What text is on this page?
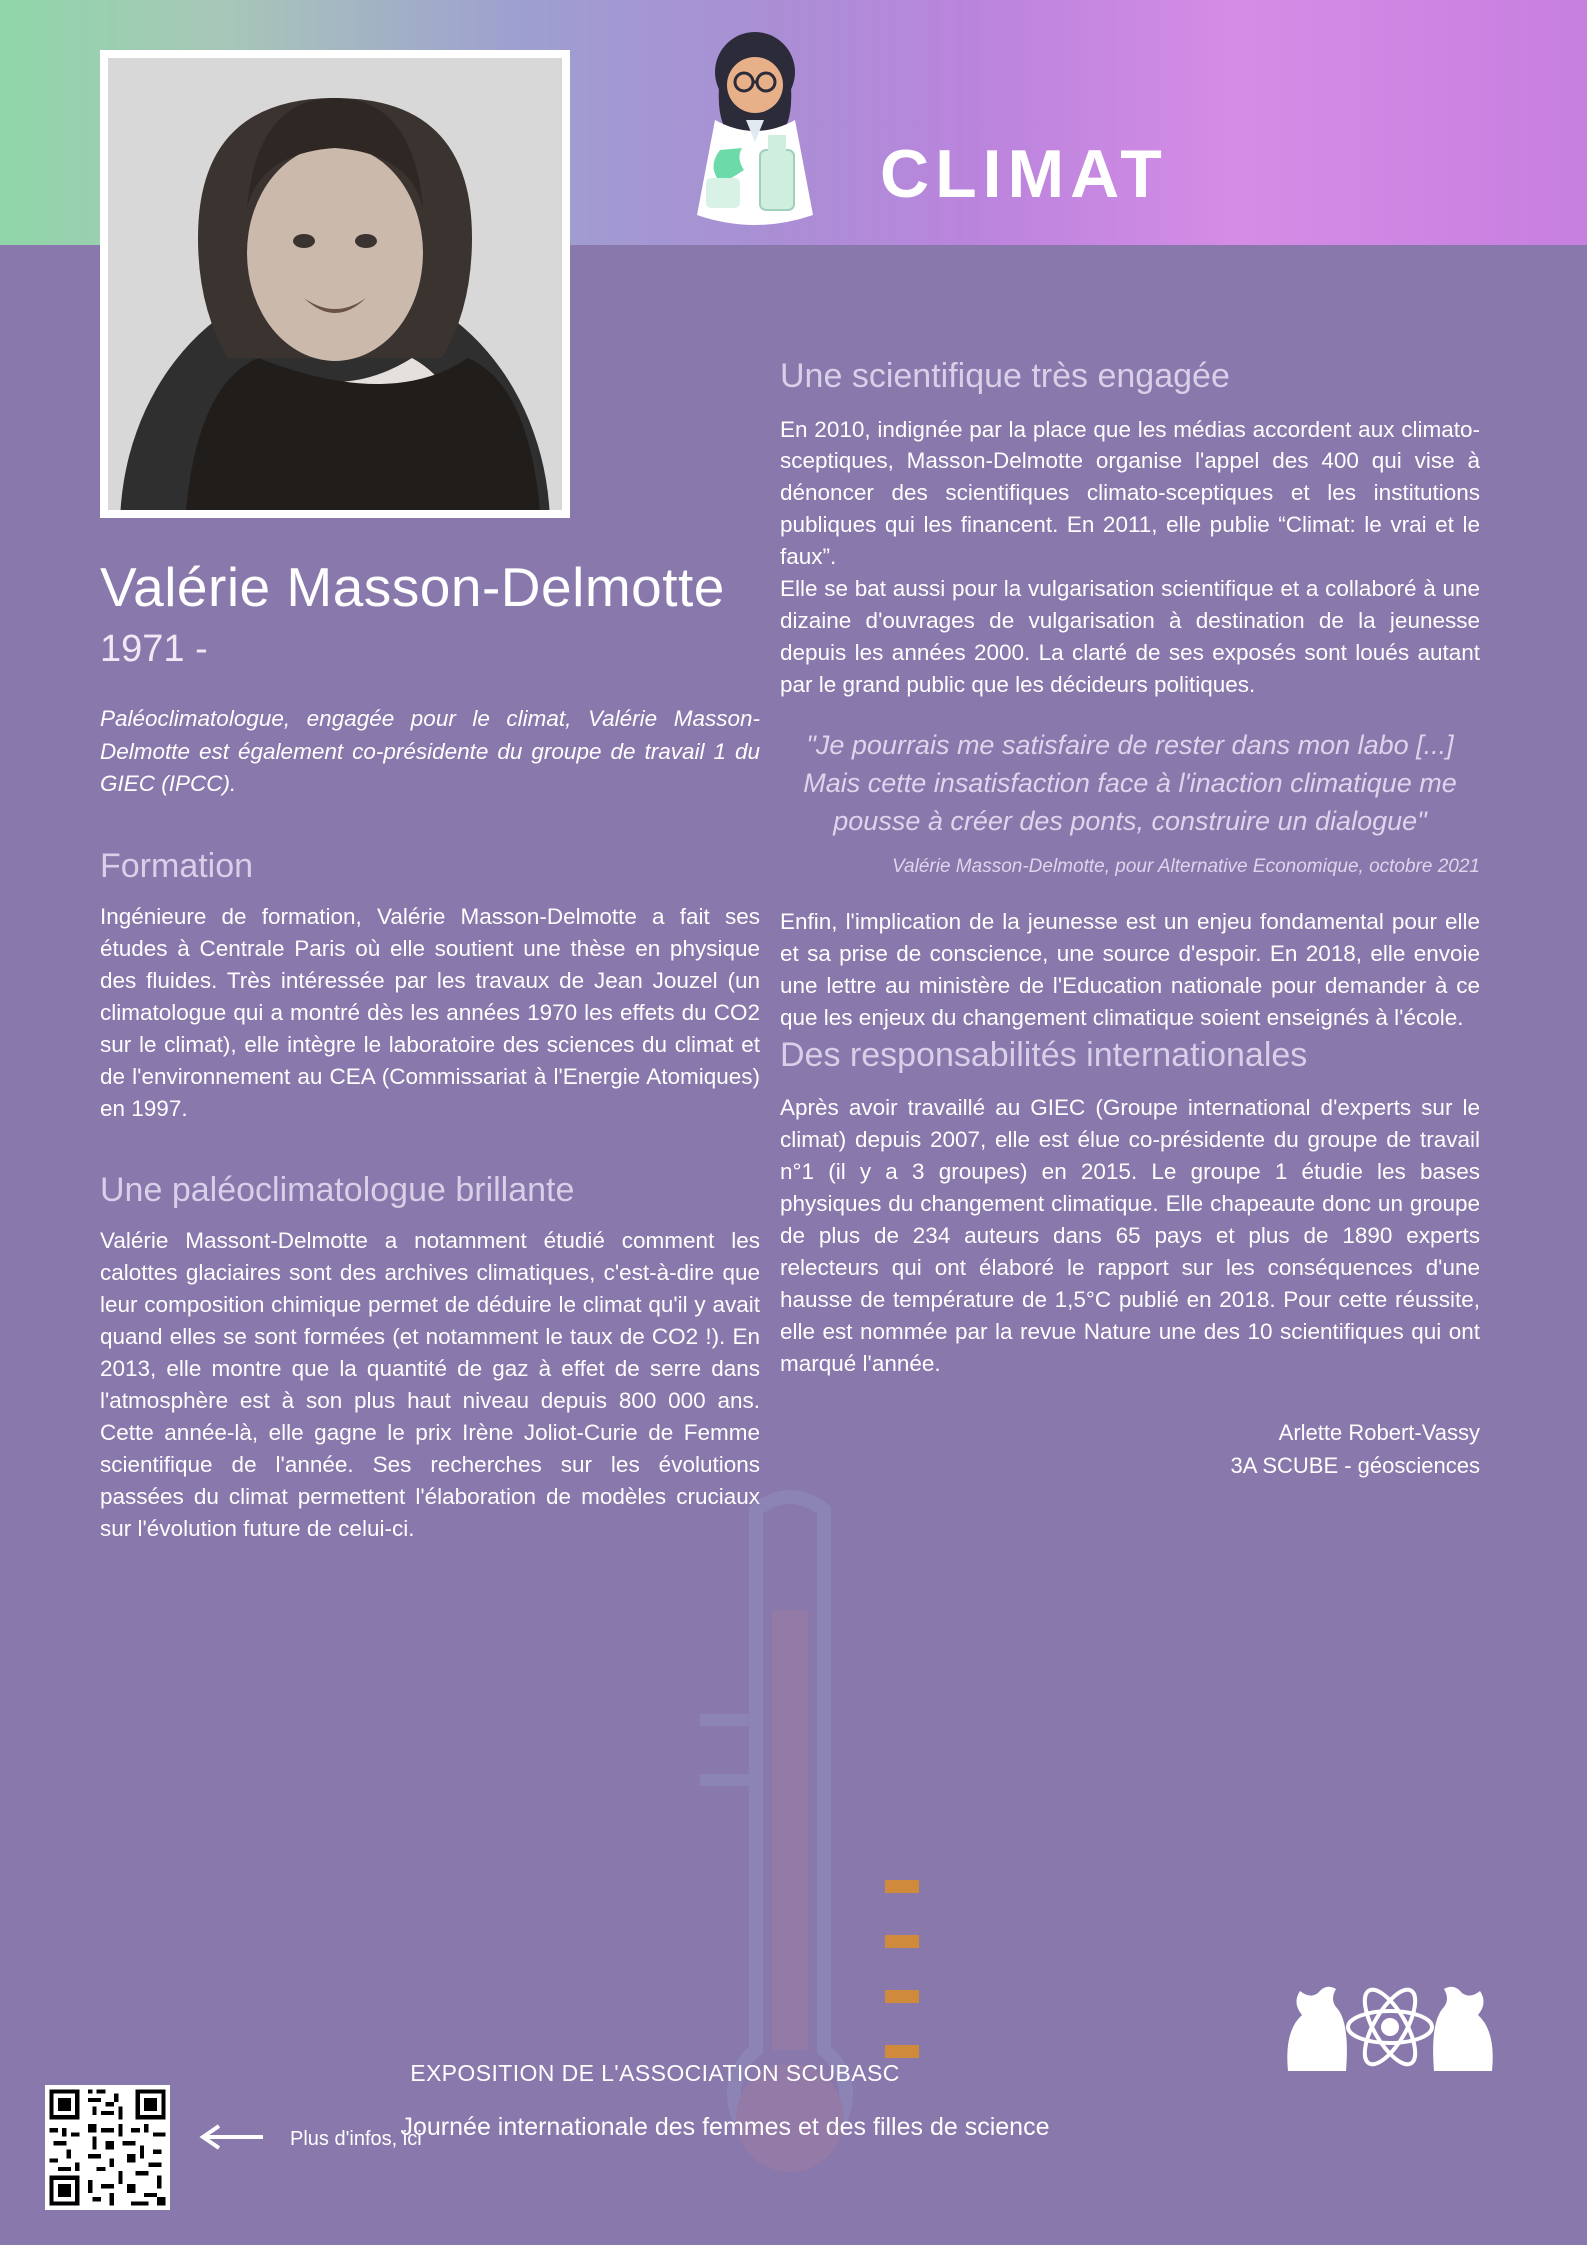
CLIMAT
Valérie Masson-Delmotte
1971 -
Paléoclimatologue, engagée pour le climat, Valérie Masson-Delmotte est également co-présidente du groupe de travail 1 du GIEC (IPCC).
Formation
Ingénieure de formation, Valérie Masson-Delmotte a fait ses études à Centrale Paris où elle soutient une thèse en physique des fluides. Très intéressée par les travaux de Jean Jouzel (un climatologue qui a montré dès les années 1970 les effets du CO2 sur le climat), elle intègre le laboratoire des sciences du climat et de l'environnement au CEA (Commissariat à l'Energie Atomiques) en 1997.
Une paléoclimatologue brillante
Valérie Massont-Delmotte a notamment étudié comment les calottes glaciaires sont des archives climatiques, c'est-à-dire que leur composition chimique permet de déduire le climat qu'il y avait quand elles se sont formées (et notamment le taux de CO2 !). En 2013, elle montre que la quantité de gaz à effet de serre dans l'atmosphère est à son plus haut niveau depuis 800 000 ans. Cette année-là, elle gagne le prix Irène Joliot-Curie de Femme scientifique de l'année. Ses recherches sur les évolutions passées du climat permettent l'élaboration de modèles cruciaux sur l'évolution future de celui-ci.
Une scientifique très engagée
En 2010, indignée par la place que les médias accordent aux climato-sceptiques, Masson-Delmotte organise l'appel des 400 qui vise à dénoncer des scientifiques climato-sceptiques et les institutions publiques qui les financent. En 2011, elle publie “Climat: le vrai et le faux”.
Elle se bat aussi pour la vulgarisation scientifique et a collaboré à une dizaine d'ouvrages de vulgarisation à destination de la jeunesse depuis les années 2000. La clarté de ses exposés sont loués autant par le grand public que les décideurs politiques.
"Je pourrais me satisfaire de rester dans mon labo [...] Mais cette insatisfaction face à l'inaction climatique me pousse à créer des ponts, construire un dialogue"
Valérie Masson-Delmotte, pour Alternative Economique, octobre 2021
Enfin, l'implication de la jeunesse est un enjeu fondamental pour elle et sa prise de conscience, une source d'espoir. En 2018, elle envoie une lettre au ministère de l'Education nationale pour demander à ce que les enjeux du changement climatique soient enseignés à l'école.
Des responsabilités internationales
Après avoir travaillé au GIEC (Groupe international d'experts sur le climat) depuis 2007, elle est élue co-présidente du groupe de travail n°1 (il y a 3 groupes) en 2015. Le groupe 1 étudie les bases physiques du changement climatique. Elle chapeaute donc un groupe de plus de 234 auteurs dans 65 pays et plus de 1890 experts relecteurs qui ont élaboré le rapport sur les conséquences d'une hausse de température de 1,5°C publié en 2018. Pour cette réussite, elle est nommée par la revue Nature une des 10 scientifiques qui ont marqué l'année.
Arlette Robert-Vassy
3A SCUBE - géosciences
EXPOSITION DE L'ASSOCIATION SCUBASC
Journée internationale des femmes et des filles de science
Plus d'infos, ici
